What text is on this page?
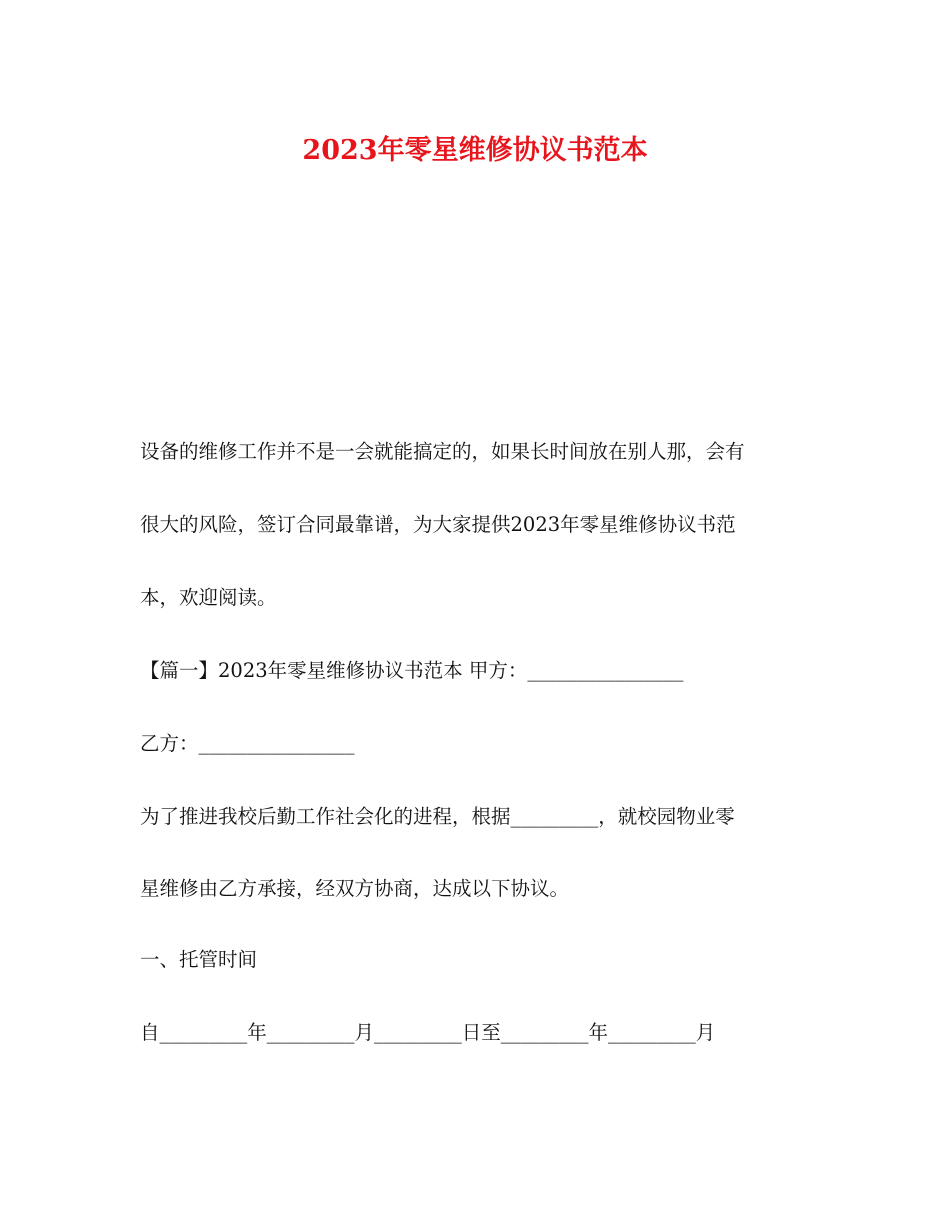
2023年零星维修协议书范本
设备的维修工作并不是一会就能搞定的，如果长时间放在别人那，会有
很大的风险，签订合同最靠谱，为大家提供2023年零星维修协议书范
本，欢迎阅读。
【篇一】2023年零星维修协议书范本 甲方：________________
乙方：________________
为了推进我校后勤工作社会化的进程，根据_________，就校园物业零
星维修由乙方承接，经双方协商，达成以下协议。
一、托管时间
自_________年_________月_________日至_________年_________月
